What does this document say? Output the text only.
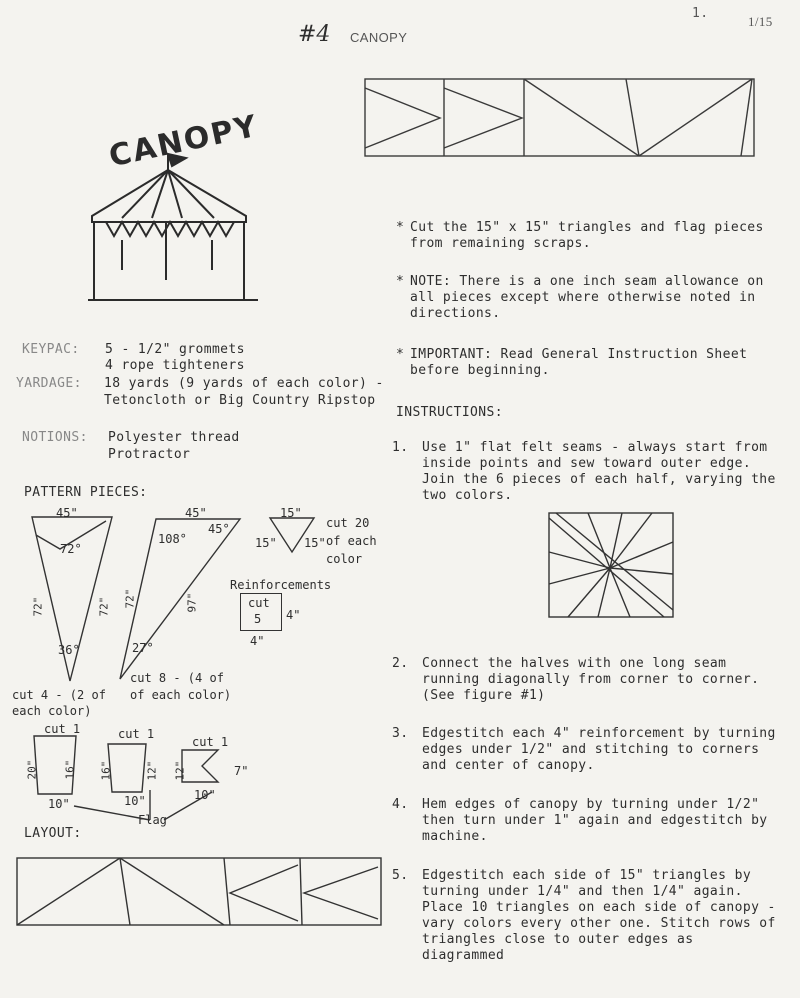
#4 CANOPY
1.
1/15
CANOPY
KEYPAC: 5 - 1/2" grommets
4 rope tighteners
YARDAGE: 18 yards (9 yards of each color) -
Tetoncloth or Big Country Ripstop
NOTIONS: Polyester thread
Protractor
PATTERN PIECES:
45"
72°
72"	72"
36°
cut 4 - (2 of
each color)
45"
108°
45°
72"	97"
27°
cut 8 - (4 of
of each color)
15"
15" 15"
cut 20
of each
color
Reinforcements
cut
5 4"
4"
cut 1
20" 16"
10"
cut 1
16"	12"
10"
cut 1
12"	7"
10"
Flag
LAYOUT:
* Cut the 15" x 15" triangles and flag pieces from remaining scraps.
* NOTE: There is a one inch seam allowance on all pieces except where otherwise noted in directions.
* IMPORTANT: Read General Instruction Sheet before beginning.
INSTRUCTIONS:
1. Use 1" flat felt seams - always start from inside points and sew toward outer edge. Join the 6 pieces of each half, varying the two colors.
2. Connect the halves with one long seam running diagonally from corner to corner. (See figure #1)
3. Edgestitch each 4" reinforcement by turning edges under 1/2" and stitching to corners and center of canopy.
4. Hem edges of canopy by turning under 1/2" then turn under 1" again and edgestitch by machine.
5. Edgestitch each side of 15" triangles by turning under 1/4" and then 1/4" again. Place 10 triangles on each side of canopy - vary colors every other one. Stitch rows of triangles close to outer edges as diagrammed
